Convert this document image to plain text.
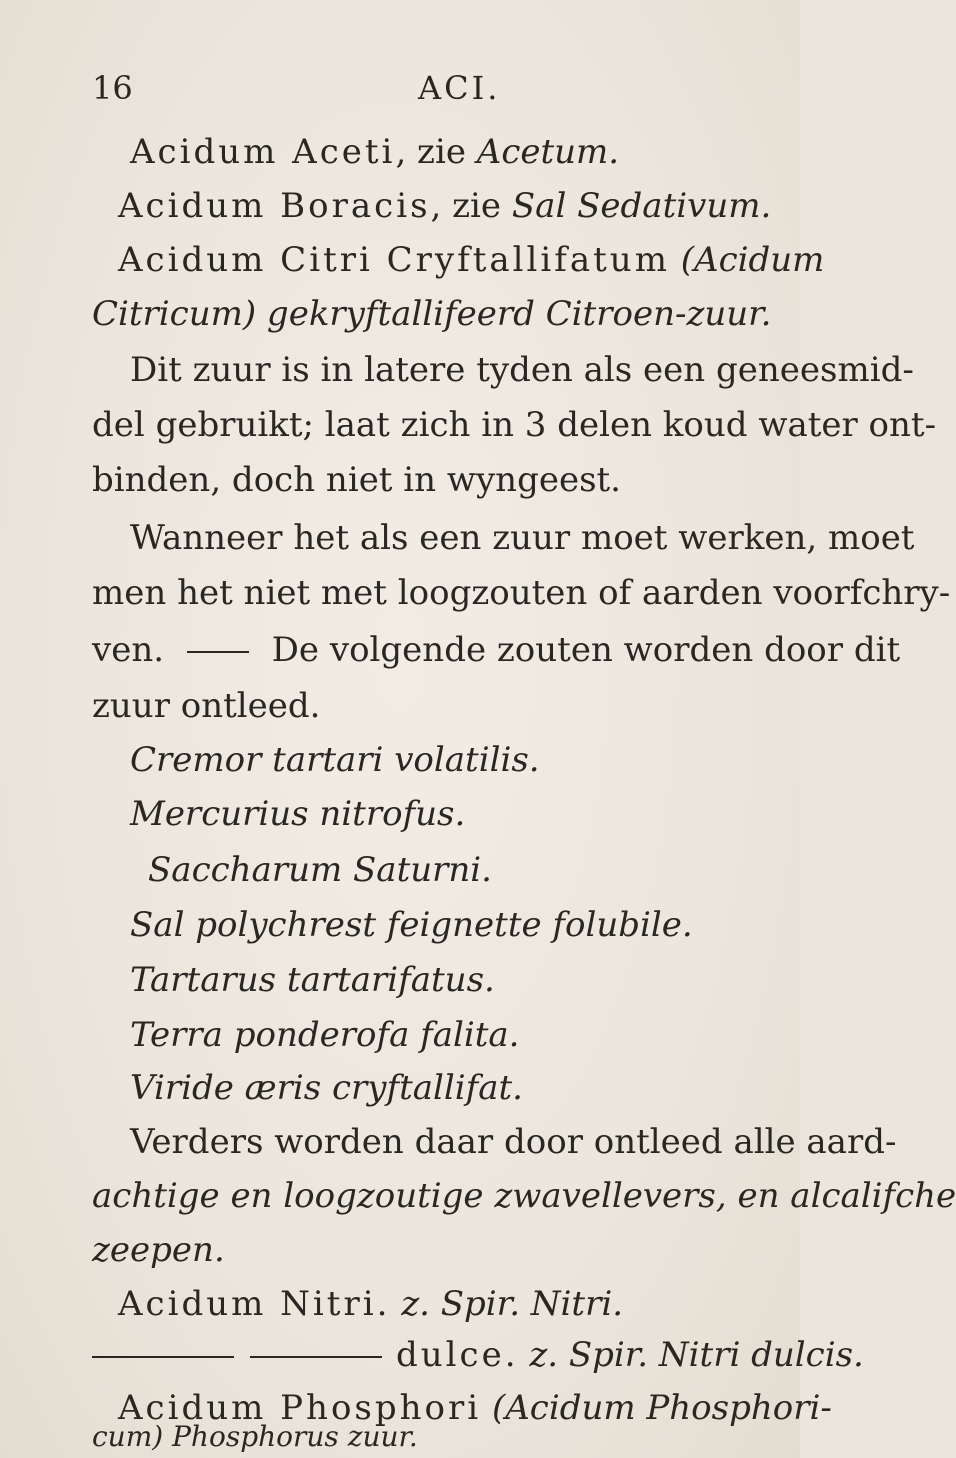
16	ACI.
Acidum Aceti, zie Acetum.
Acidum Boracis, zie Sal Sedativum.
Acidum Citri Cryftallifatum (Acidum
Citricum) gekryftallifeerd Citroen-zuur.
Dit zuur is in latere tyden als een geneesmid-
del gebruikt; laat zich in 3 delen koud water ont-
binden, doch niet in wyngeest.
Wanneer het als een zuur moet werken, moet
men het niet met loogzouten of aarden voorfchry-
ven.	De volgende zouten worden door dit
zuur ontleed.
Cremor tartari volatilis.
Mercurius nitrofus.
Saccharum Saturni.
Sal polychrest feignette folubile.
Tartarus tartarifatus.
Terra ponderofa falita.
Viride æris cryftallifat.
Verders worden daar door ontleed alle aard-
achtige en loogzoutige zwavellevers, en alcalifche
zeepen.
Acidum Nitri. z. Spir. Nitri.
dulce. z. Spir. Nitri dulcis.
Acidum Phosphori (Acidum Phosphori-
cum) Phosphorus zuur.
